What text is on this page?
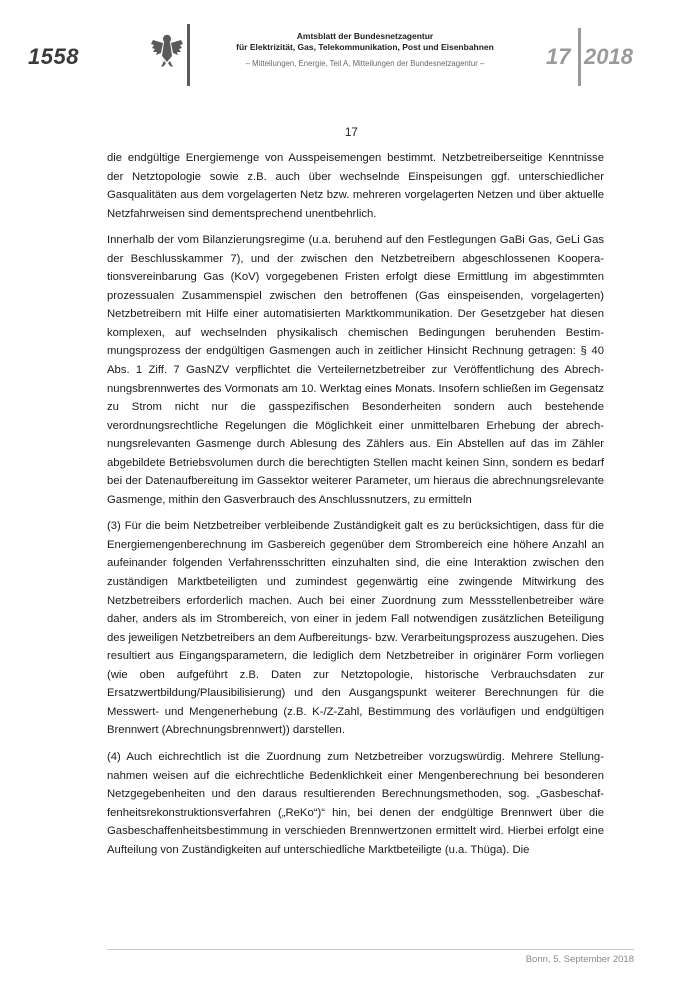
1558
Amtsblatt der Bundesnetzagentur
für Elektrizität, Gas, Telekommunikation, Post und Eisenbahnen
– Mitteilungen, Energie, Teil A, Mitteilungen der Bundesnetzagentur –	17 2018
17

die endgültige Energiemenge von Ausspeisemengen bestimmt. Netzbetreiberseitige Kenntnisse der Netztopologie sowie z.B. auch über wechselnde Einspeisungen ggf. unterschiedlicher Gasqualitäten aus dem vorgelagerten Netz bzw. mehreren vorgelagerten Netzen und über aktuelle Netzfahrweisen sind dementsprechend unentbehrlich.

Innerhalb der vom Bilanzierungsregime (u.a. beruhend auf den Festlegungen GaBi Gas, GeLi Gas der Beschlusskammer 7), und der zwischen den Netzbetreibern abgeschlossenen Kooperationsvereinbarung Gas (KoV) vorgegebenen Fristen erfolgt diese Ermittlung im abgestimmten prozessualen Zusammenspiel zwischen den betroffenen (Gas einspeisenden, vorgelagerten) Netzbetreibern mit Hilfe einer automatisierten Marktkommunikation. Der Gesetzgeber hat diesen komplexen, auf wechselnden physikalisch chemischen Bedingungen beruhenden Bestimmungsprozess der endgültigen Gasmengen auch in zeitlicher Hinsicht Rechnung getragen: § 40 Abs. 1 Ziff. 7 GasNZV verpflichtet die Verteilernetzbetreiber zur Veröffentlichung des Abrechnungsbrennwertes des Vormonats am 10. Werktag eines Monats. Insofern schließen im Gegensatz zu Strom nicht nur die gasspezifischen Besonderheiten sondern auch bestehende verordnungsrechtliche Regelungen die Möglichkeit einer unmittelbaren Erhebung der abrechnungsrelevanten Gasmenge durch Ablesung des Zählers aus. Ein Abstellen auf das im Zähler abgebildete Betriebsvolumen durch die berechtigten Stellen macht keinen Sinn, sondern es bedarf bei der Datenaufbereitung im Gassektor weiterer Parameter, um hieraus die abrechnungsrelevante Gasmenge, mithin den Gasverbrauch des Anschlussnutzers, zu ermitteln

(3) Für die beim Netzbetreiber verbleibende Zuständigkeit galt es zu berücksichtigen, dass für die Energiemengenberechnung im Gasbereich gegenüber dem Strombereich eine höhere Anzahl an aufeinander folgenden Verfahrensschritten einzuhalten sind, die eine Interaktion zwischen den zuständigen Marktbeteiligten und zumindest gegenwärtig eine zwingende Mitwirkung des Netzbetreibers erforderlich machen. Auch bei einer Zuordnung zum Messstellenbetreiber wäre daher, anders als im Strombereich, von einer in jedem Fall notwendigen zusätzlichen Beteiligung des jeweiligen Netzbetreibers an dem Aufbereitungs- bzw. Verarbeitungsprozess auszugehen. Dies resultiert aus Eingangsparametern, die lediglich dem Netzbetreiber in originärer Form vorliegen (wie oben aufgeführt z.B. Daten zur Netztopologie, historische Verbrauchsdaten zur Ersatzwertbildung/Plausibilisierung) und den Ausgangspunkt weiterer Berechnungen für die Messwert- und Mengenerhebung (z.B. K-/Z-Zahl, Bestimmung des vorläufigen und endgültigen Brennwert (Abrechnungsbrennwert)) darstellen.

(4) Auch eichrechtlich ist die Zuordnung zum Netzbetreiber vorzugswürdig. Mehrere Stellungnahmen weisen auf die eichrechtliche Bedenklichkeit einer Mengenberechnung bei besonderen Netzgegebenheiten und den daraus resultierenden Berechnungsmethoden, sog. „Gasbeschaffenheitsrekonstruktionsverfahren („ReKo“)“ hin, bei denen der endgültige Brennwert über die Gasbeschaffenheitsbestimmung in verschieden Brennwertzonen ermittelt wird. Hierbei erfolgt eine Aufteilung von Zuständigkeiten auf unterschiedliche Marktbeteiligte (u.a. Thüga). Die

Bonn, 5. September 2018
